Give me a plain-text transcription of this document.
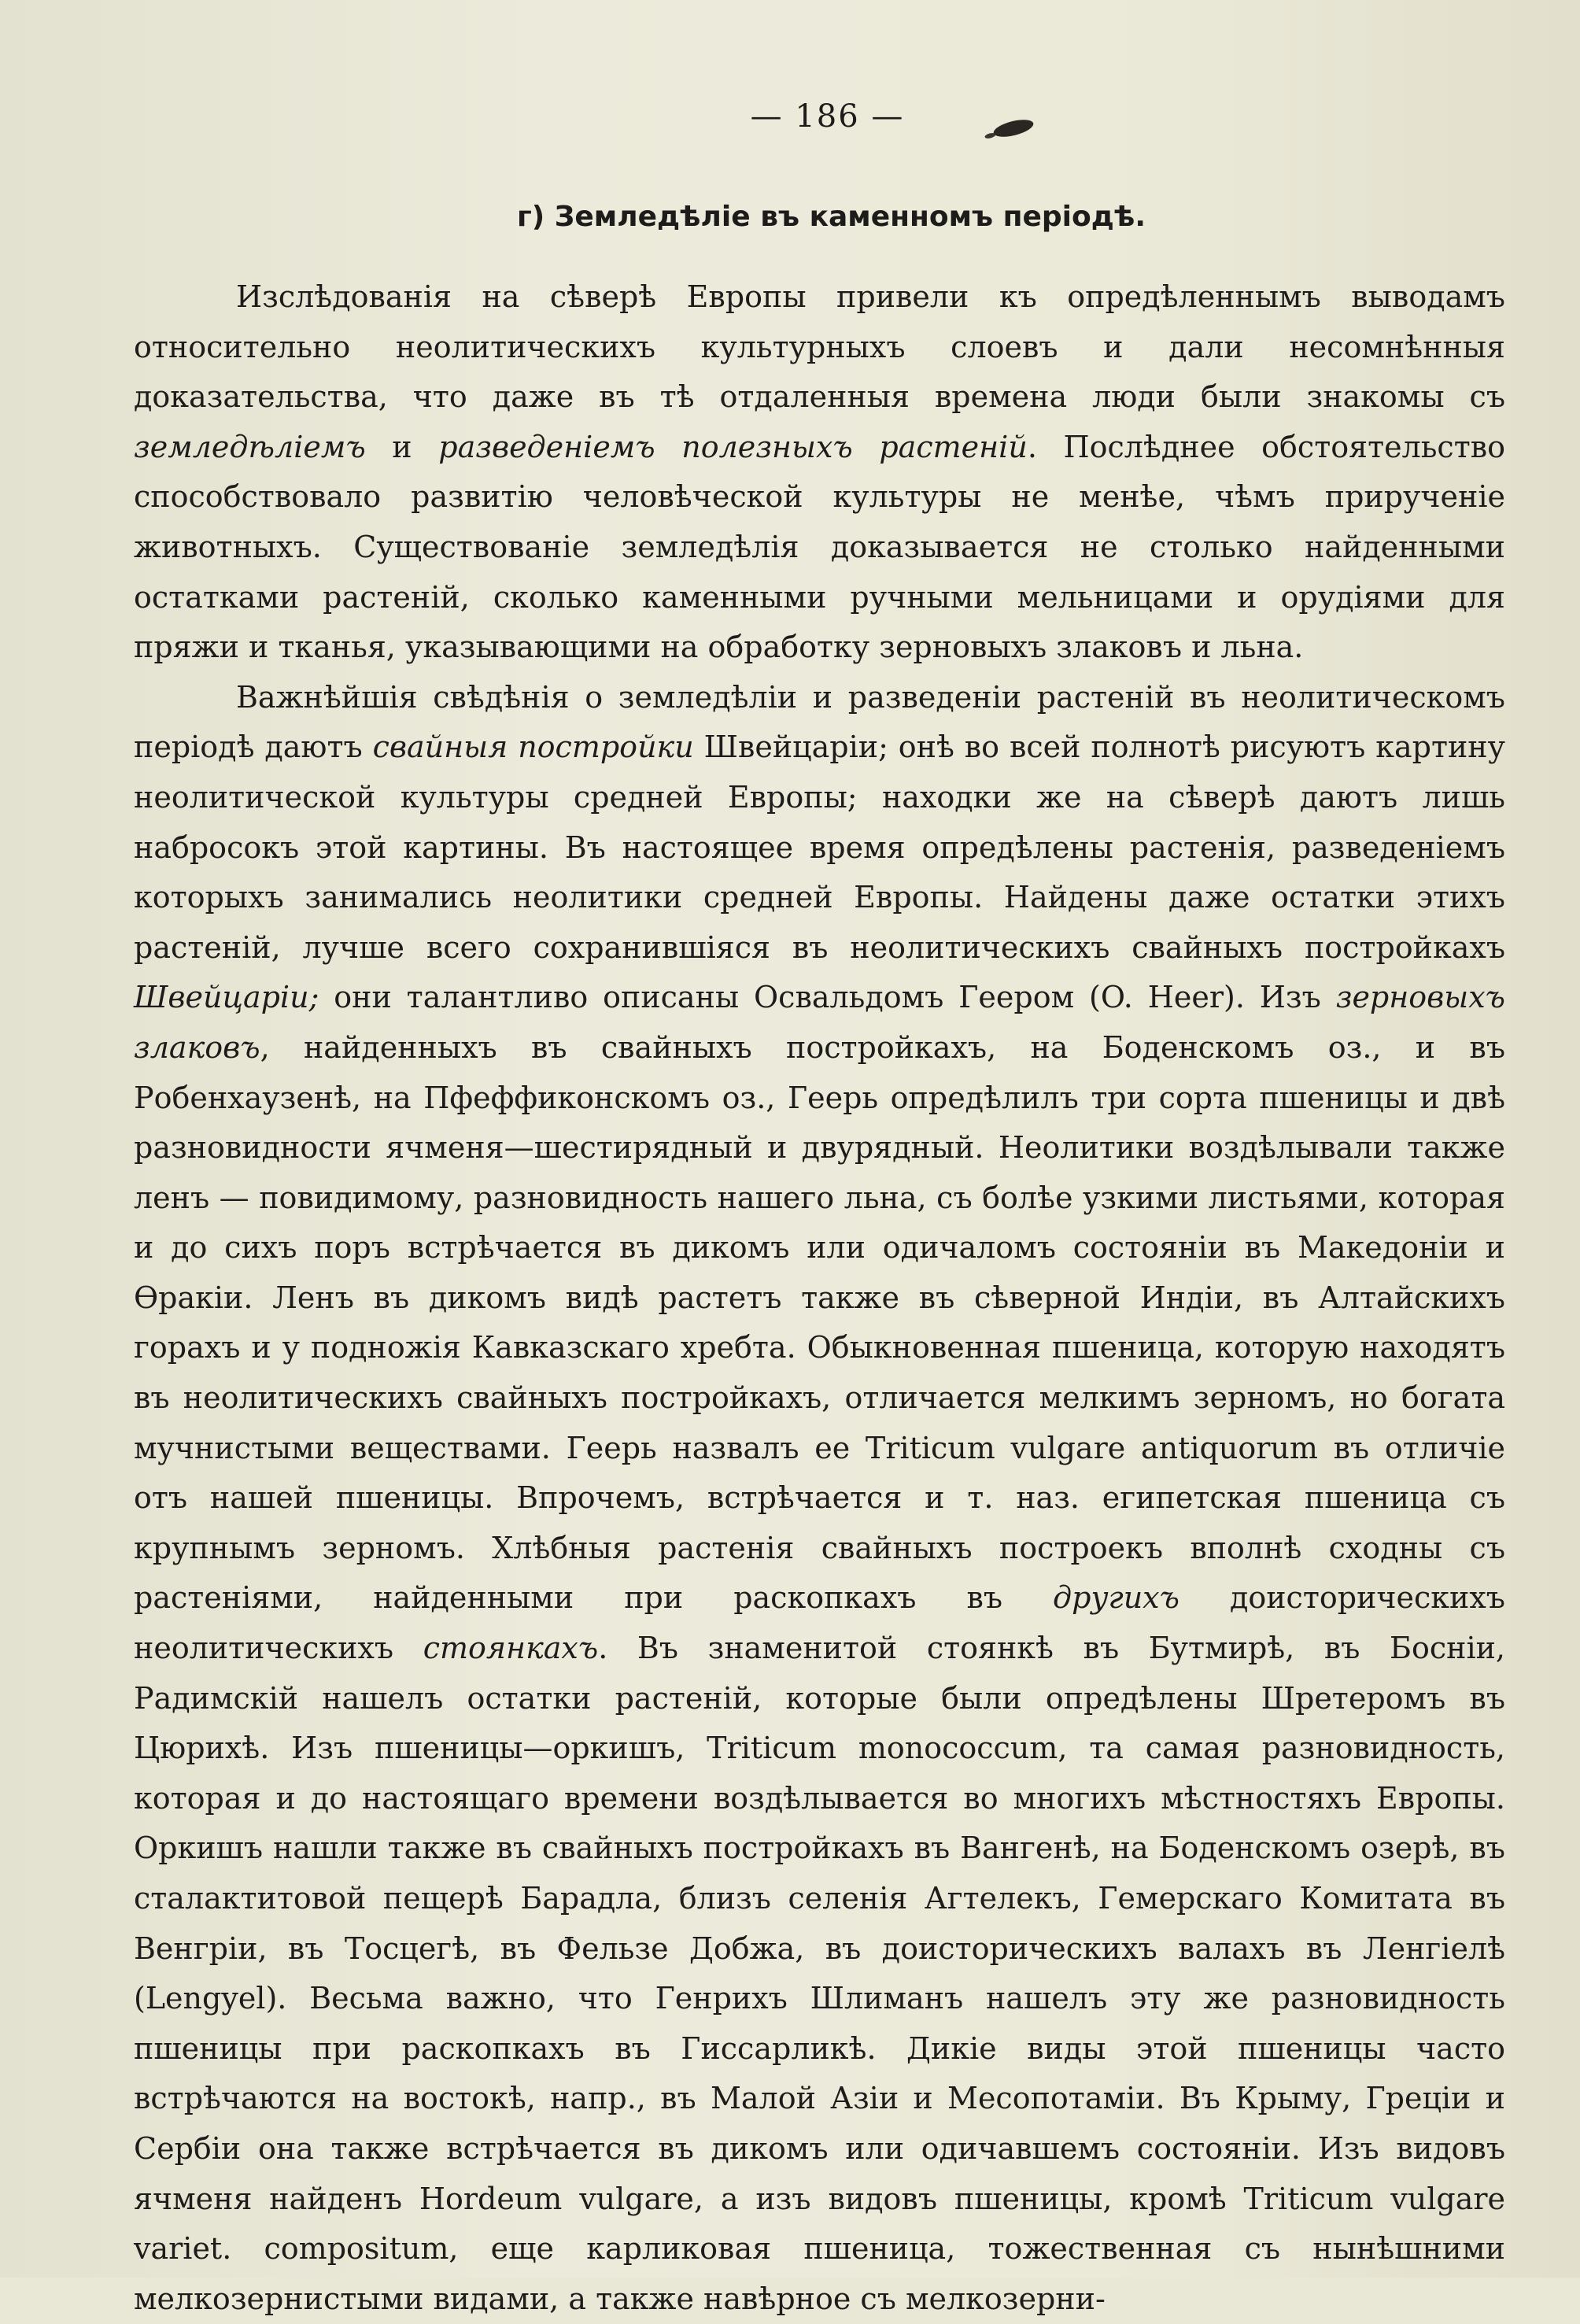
— 186 —
г) Земледѣліе въ каменномъ періодѣ.

Изслѣдованія на сѣверѣ Европы привели къ опредѣленнымъ выводамъ относительно неолитическихъ культурныхъ слоевъ и дали несомнѣнныя доказательства, что даже въ тѣ отдаленныя времена люди были знакомы съ земледѣліемъ и разведеніемъ полезныхъ растеній. Послѣднее обстоятельство способствовало развитію человѣческой культуры не менѣе, чѣмъ прирученіе животныхъ. Существованіе земледѣлія доказывается не столько найденными остатками растеній, сколько каменными ручными мельницами и орудіями для пряжи и тканья, указывающими на обработку зерновыхъ злаковъ и льна.

Важнѣйшія свѣдѣнія о земледѣліи и разведеніи растеній въ неолитическомъ періодѣ даютъ свайныя постройки Швейцаріи; онѣ во всей полнотѣ рисуютъ картину неолитической культуры средней Европы; находки же на сѣверѣ даютъ лишь набросокъ этой картины. Въ настоящее время опредѣлены растенія, разведеніемъ которыхъ занимались неолитики средней Европы. Найдены даже остатки этихъ растеній, лучше всего сохранившіяся въ неолитическихъ свайныхъ постройкахъ Швейцаріи; они талантливо описаны Освальдомъ Геером (O. Heer). Изъ зерновыхъ злаковъ, найденныхъ въ свайныхъ постройкахъ, на Боденскомъ оз., и въ Робенхаузенѣ, на Пфеффиконскомъ оз., Геерь опредѣлилъ три сорта пшеницы и двѣ разновидности ячменя—шестирядный и двурядный. Неолитики воздѣлывали также ленъ — повидимому, разновидность нашего льна, съ болѣе узкими листьями, которая и до сихъ поръ встрѣчается въ дикомъ или одичаломъ состояніи въ Македоніи и Ѳракіи. Ленъ въ дикомъ видѣ растетъ также въ сѣверной Индіи, въ Алтайскихъ горахъ и у подножія Кавказскаго хребта. Обыкновенная пшеница, которую находятъ въ неолитическихъ свайныхъ постройкахъ, отличается мелкимъ зерномъ, но богата мучнистыми веществами. Геерь назвалъ ее Triticum vulgare antiquorum въ отличіе отъ нашей пшеницы. Впрочемъ, встрѣчается и т. наз. египетская пшеница съ крупнымъ зерномъ. Хлѣбныя растенія свайныхъ построекъ вполнѣ сходны съ растеніями, найденными при раскопкахъ въ другихъ доисторическихъ неолитическихъ стоянкахъ. Въ знаменитой стоянкѣ въ Бутмирѣ, въ Босніи, Радимскій нашелъ остатки растеній, которые были опредѣлены Шретеромъ въ Цюрихѣ. Изъ пшеницы—оркишъ, Triticum monococcum, та самая разновидность, которая и до настоящаго времени воздѣлывается во многихъ мѣстностяхъ Европы. Оркишъ нашли также въ свайныхъ постройкахъ въ Вангенѣ, на Боденскомъ озерѣ, въ сталактитовой пещерѣ Барадла, близъ селенія Агтелекъ, Гемерскаго Комитата въ Венгріи, въ Тосцегѣ, въ Фельзе Добжа, въ доисторическихъ валахъ въ Ленгіелѣ (Lengyel). Весьма важно, что Генрихъ Шлиманъ нашелъ эту же разновидность пшеницы при раскопкахъ въ Гиссарликѣ. Дикіе виды этой пшеницы часто встрѣчаются на востокѣ, напр., въ Малой Азіи и Месопотаміи. Въ Крыму, Греціи и Сербіи она также встрѣчается въ дикомъ или одичавшемъ состояніи. Изъ видовъ ячменя найденъ Hordeum vulgare, а изъ видовъ пшеницы, кромѣ Triticum vulgare variet. compositum, еще карликовая пшеница, тожественная съ нынѣшними мелкозернистыми видами, а также навѣрное съ мелкозерни-
